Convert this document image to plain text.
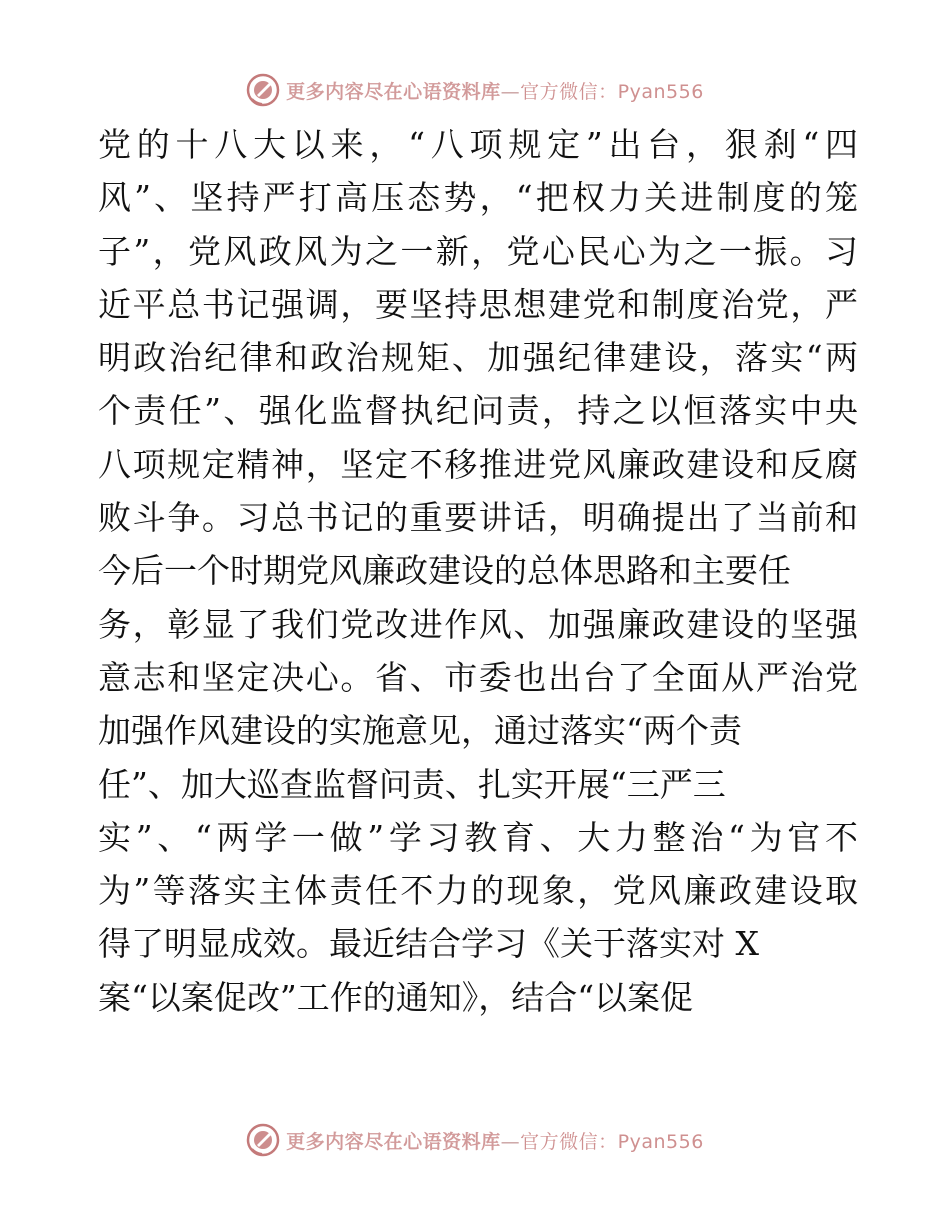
更多内容尽在心语资料库—官方微信：Pyan556
党的十八大以来，“八项规定”出台，狠刹“四
风”、坚持严打高压态势，“把权力关进制度的笼
子”，党风政风为之一新，党心民心为之一振。习
近平总书记强调，要坚持思想建党和制度治党，严
明政治纪律和政治规矩、加强纪律建设，落实“两
个责任”、强化监督执纪问责，持之以恒落实中央
八项规定精神，坚定不移推进党风廉政建设和反腐
败斗争。习总书记的重要讲话，明确提出了当前和
今后一个时期党风廉政建设的总体思路和主要任
务，彰显了我们党改进作风、加强廉政建设的坚强
意志和坚定决心。省、市委也出台了全面从严治党
加强作风建设的实施意见，通过落实“两个责
任”、加大巡查监督问责、扎实开展“三严三
实”、“两学一做”学习教育、大力整治“为官不
为”等落实主体责任不力的现象，党风廉政建设取
得了明显成效。最近结合学习《关于落实对 X
案“以案促改”工作的通知》，结合“以案促
更多内容尽在心语资料库—官方微信：Pyan556
